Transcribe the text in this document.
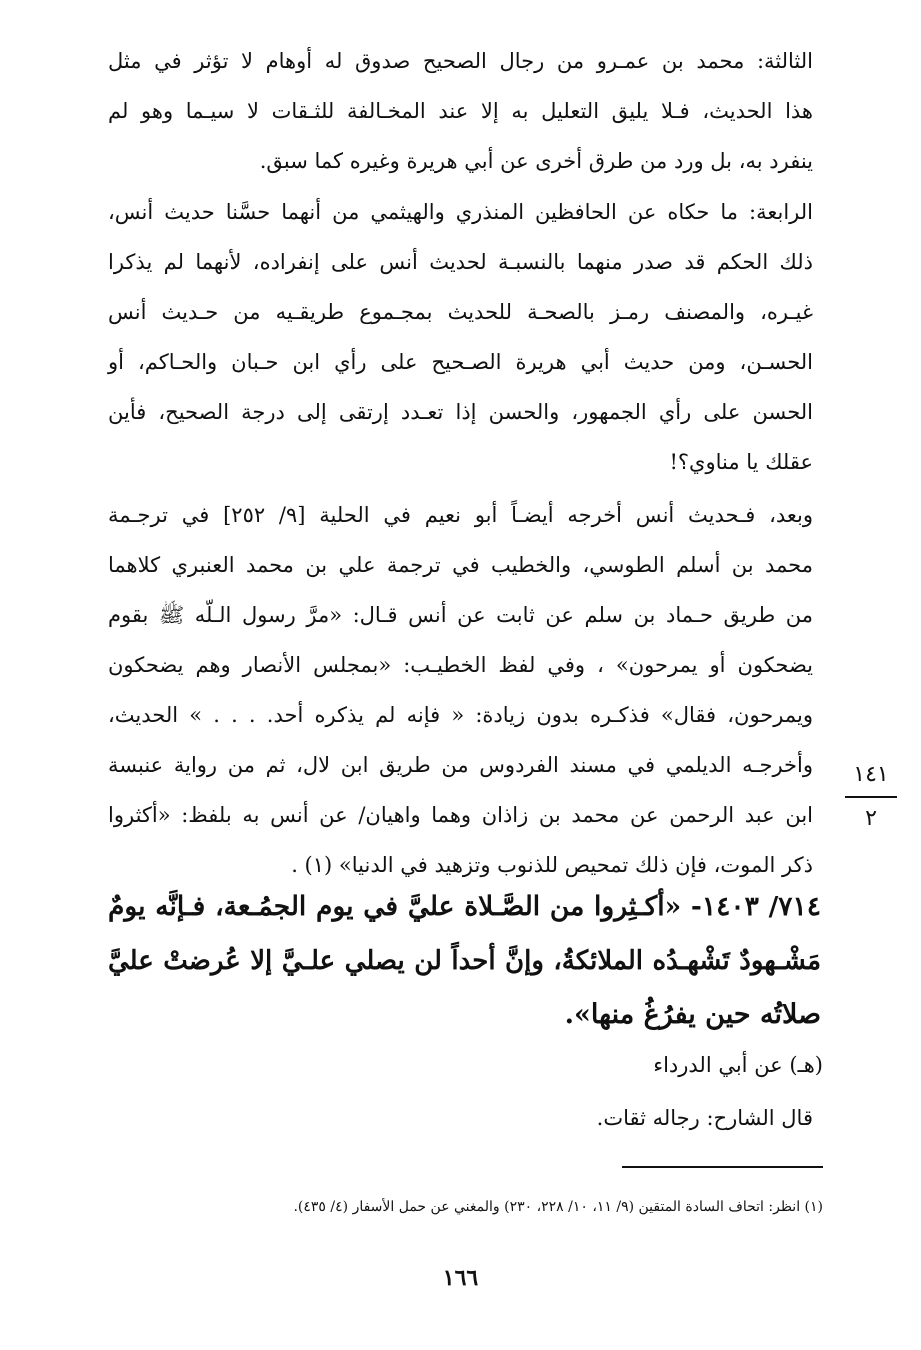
الثالثة: محمد بن عمـرو من رجال الصحيح صدوق له أوهام لا تؤثر في مثل
هذا الحديث، فـلا يليق التعليل به إلا عند المخـالفة للثـقات لا سيـما وهو لم
ينفرد به، بل ورد من طرق أخرى عن أبي هريرة وغيره كما سبق.
الرابعة: ما حكاه عن الحافظين المنذري والهيثمي من أنهما حسَّنا حديث أنس،
ذلك الحكم قد صدر منهما بالنسبـة لحديث أنس على إنفراده، لأنهما لم يذكرا
غيـره، والمصنف رمـز بالصحـة للحديث بمجـموع طريقـيه من حـديث أنس
الحسـن، ومن حديث أبي هريرة الصـحيح على رأي ابن حـبان والحـاكم، أو
الحسن على رأي الجمهور، والحسن إذا تعـدد إرتقى إلى درجة الصحيح، فأين
عقلك يا مناوي؟!
وبعد، فـحديث أنس أخرجه أيضـاً أبو نعيم في الحلية [٩/ ٢٥٢] في ترجـمة
محمد بن أسلم الطوسي، والخطيب في ترجمة علي بن محمد العنبري كلاهما
من طريق حـماد بن سلم عن ثابت عن أنس قـال: «مرَّ رسول الـلّه ﷺ بقوم
يضحكون أو يمرحون» ، وفي لفظ الخطيـب: «بمجلس الأنصار وهم يضحكون
ويمرحون، فقال» فذكـره بدون زيادة: « فإنه لم يذكره أحد. . . . » الحديث،
وأخرجـه الديلمي في مسند الفردوس من طريق ابن لال، ثم من رواية عنبسة
ابن عبد الرحمن عن محمد بن زاذان وهما واهيان/ عن أنس به بلفظ: «أكثروا
ذكر الموت، فإن ذلك تمحيص للذنوب وتزهيد في الدنيا» (١) .
١٤١
٢
٧١٤/ ١٤٠٣- «أكـثِروا من الصَّـلاة عليَّ في يوم الجمُـعة، فـإنَّه يومٌ
مَشْـهودٌ تَشْهـدُه الملائكةُ، وإنَّ أحداً لن يصلي علـيَّ إلا عُرضتْ عليَّ
صلاتُه حين يفرُغُ منها».
(هـ) عن أبي الدرداء
قال الشارح: رجاله ثقات.
(١) انظر: اتحاف السادة المتقين (٩/ ١١، ١٠/ ٢٢٨، ٢٣٠) والمغني عن حمل الأسفار (٤/ ٤٣٥).
١٦٦
